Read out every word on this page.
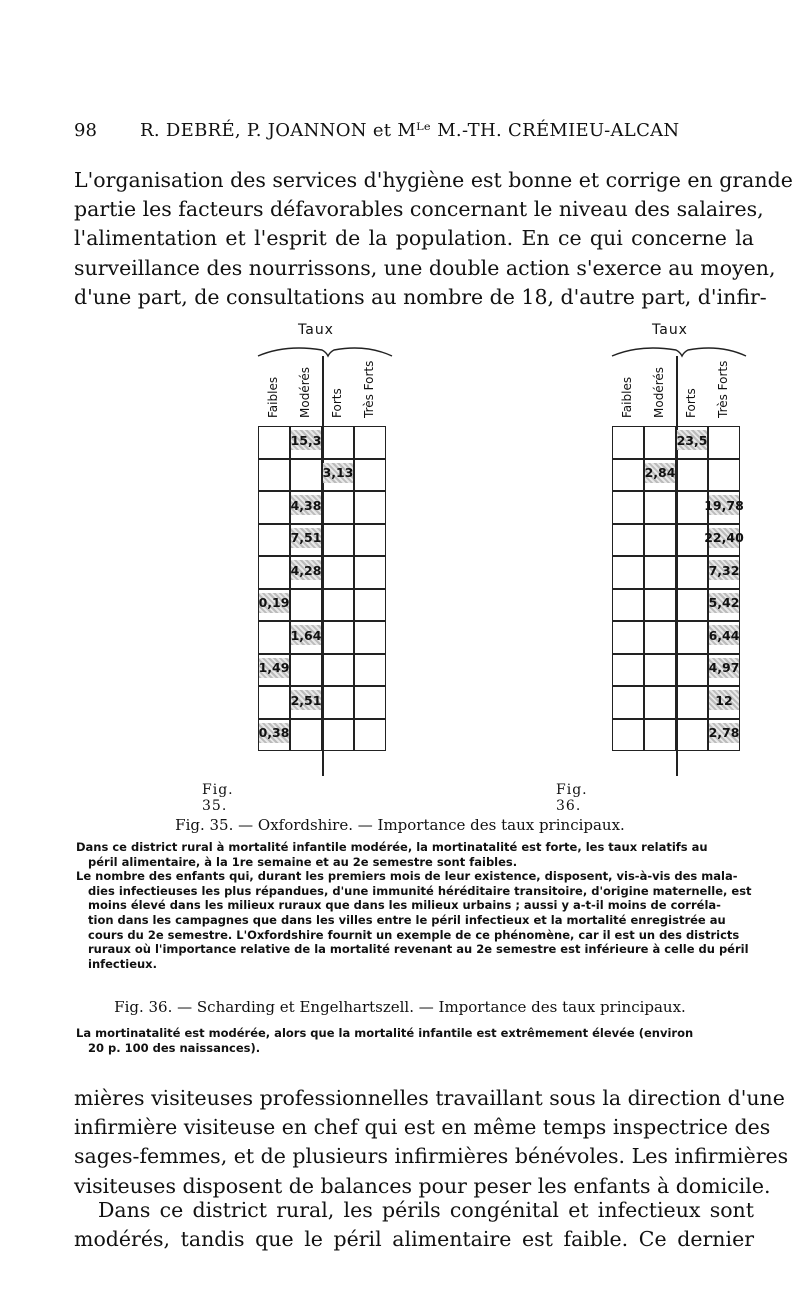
98 R. DEBRÉ, P. JOANNON et Mᴸᵉ M.-TH. CRÉMIEU-ALCAN
L'organisation des services d'hygiène est bonne et corrige en grande
partie les facteurs défavorables concernant le niveau des salaires,
l'alimentation et l'esprit de la population. En ce qui concerne la
surveillance des nourrissons, une double action s'exerce au moyen,
d'une part, de consultations au nombre de 18, d'autre part, d'infir-
Taux
Faibles Modérés Forts Très Forts
15,3
3,13
4,38
7,51
4,28
0,19
1,64
1,49
2,51
0,38
Fig. 35.
Taux
Faibles Modérés Forts Très Forts
23,5
2,84
19,78
22,40
7,32
5,42
6,44
4,97
12
2,78
Fig. 36.
Fig. 35. — Oxfordshire. — Importance des taux principaux.
Dans ce district rural à mortalité infantile modérée, la mortinatalité est forte, les taux relatifs au
péril alimentaire, à la 1re semaine et au 2e semestre sont faibles.
Le nombre des enfants qui, durant les premiers mois de leur existence, disposent, vis-à-vis des mala-
dies infectieuses les plus répandues, d'une immunité héréditaire transitoire, d'origine maternelle, est
moins élevé dans les milieux ruraux que dans les milieux urbains ; aussi y a-t-il moins de corréla-
tion dans les campagnes que dans les villes entre le péril infectieux et la mortalité enregistrée au
cours du 2e semestre. L'Oxfordshire fournit un exemple de ce phénomène, car il est un des districts
ruraux où l'importance relative de la mortalité revenant au 2e semestre est inférieure à celle du péril
infectieux.
Fig. 36. — Scharding et Engelhartszell. — Importance des taux principaux.
La mortinatalité est modérée, alors que la mortalité infantile est extrêmement élevée (environ
20 p. 100 des naissances).
mières visiteuses professionnelles travaillant sous la direction d'une
infirmière visiteuse en chef qui est en même temps inspectrice des
sages-femmes, et de plusieurs infirmières bénévoles. Les infirmières
visiteuses disposent de balances pour peser les enfants à domicile.
Dans ce district rural, les périls congénital et infectieux sont
modérés, tandis que le péril alimentaire est faible. Ce dernier
